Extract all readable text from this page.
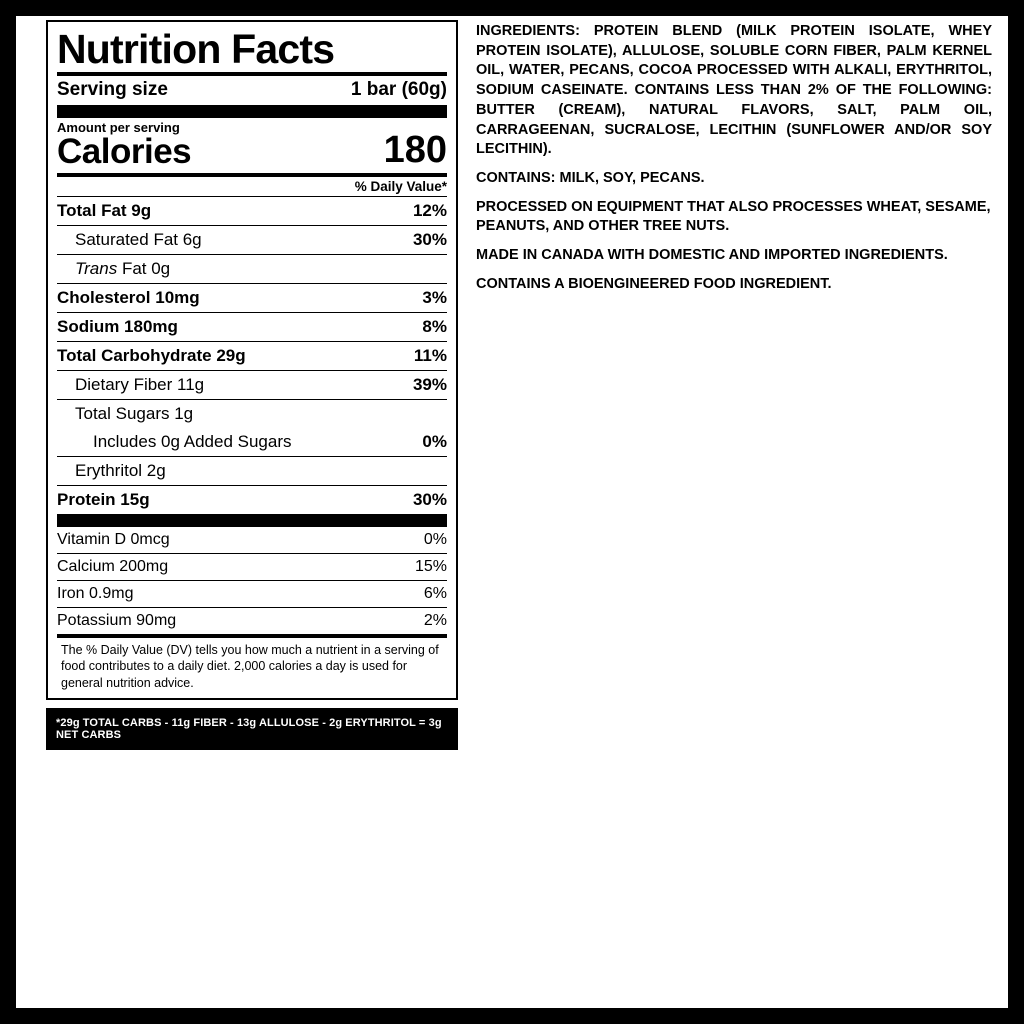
Nutrition Facts
Serving size	1 bar (60g)
Amount per serving
Calories	180
% Daily Value*
Total Fat 9g	12%
Saturated Fat 6g	30%
Trans Fat 0g
Cholesterol 10mg	3%
Sodium 180mg	8%
Total Carbohydrate 29g	11%
Dietary Fiber 11g	39%
Total Sugars 1g
Includes 0g Added Sugars	0%
Erythritol 2g
Protein 15g	30%
Vitamin D 0mcg	0%
Calcium 200mg	15%
Iron 0.9mg	6%
Potassium 90mg	2%
The % Daily Value (DV) tells you how much a nutrient in a serving of food contributes to a daily diet. 2,000 calories a day is used for general nutrition advice.
*29g TOTAL CARBS - 11g FIBER - 13g ALLULOSE - 2g ERYTHRITOL = 3g NET CARBS
INGREDIENTS: PROTEIN BLEND (MILK PROTEIN ISOLATE, WHEY PROTEIN ISOLATE), ALLULOSE, SOLUBLE CORN FIBER, PALM KERNEL OIL, WATER, PECANS, COCOA PROCESSED WITH ALKALI, ERYTHRITOL, SODIUM CASEINATE. CONTAINS LESS THAN 2% OF THE FOLLOWING: BUTTER (CREAM), NATURAL FLAVORS, SALT, PALM OIL, CARRAGEENAN, SUCRALOSE, LECITHIN (SUNFLOWER AND/OR SOY LECITHIN).
CONTAINS: MILK, SOY, PECANS.
PROCESSED ON EQUIPMENT THAT ALSO PROCESSES WHEAT, SESAME, PEANUTS, AND OTHER TREE NUTS.
MADE IN CANADA WITH DOMESTIC AND IMPORTED INGREDIENTS.
CONTAINS A BIOENGINEERED FOOD INGREDIENT.
